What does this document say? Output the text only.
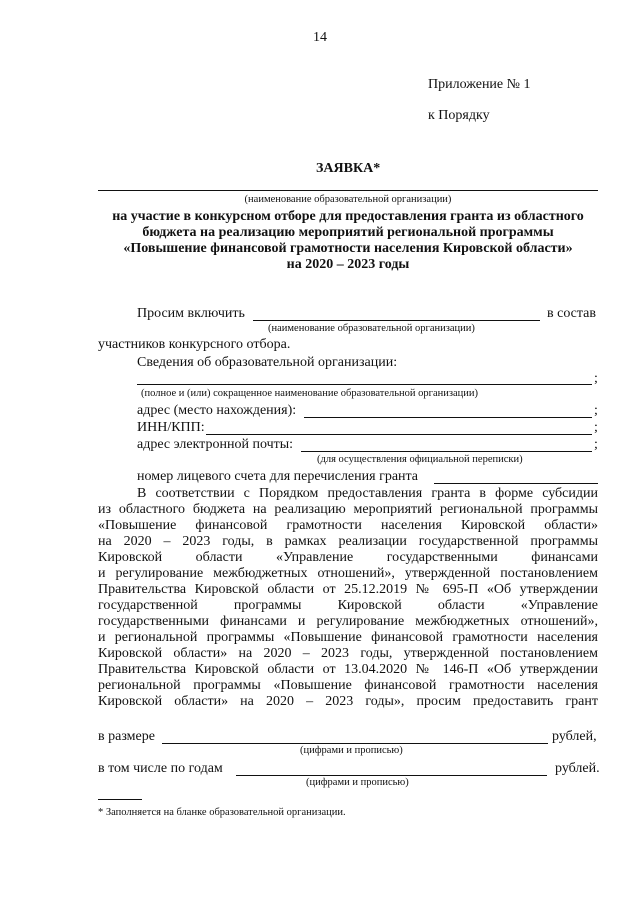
14
Приложение № 1
к Порядку
ЗАЯВКА*
(наименование образовательной организации)
на участие в конкурсном отборе для предоставления гранта из областного
бюджета на реализацию мероприятий региональной программы
«Повышение финансовой грамотности населения Кировской области»
на 2020 – 2023 годы
Просим включить	в состав
(наименование образовательной организации)
участников конкурсного отбора.
Сведения об образовательной организации:
;
(полное и (или) сокращенное наименование образовательной организации)
адрес (место нахождения):	;
ИНН/КПП:	;
адрес электронной почты:	;
(для осуществления официальной переписки)
номер лицевого счета для перечисления гранта
В соответствии с Порядком предоставления гранта в форме субсидии
из областного бюджета на реализацию мероприятий региональной программы
«Повышение финансовой грамотности населения Кировской области»
на 2020 – 2023 годы, в рамках реализации государственной программы
Кировской области «Управление государственными финансами
и регулирование межбюджетных отношений», утвержденной постановлением
Правительства Кировской области от 25.12.2019 № 695-П «Об утверждении
государственной программы Кировской области «Управление
государственными финансами и регулирование межбюджетных отношений»,
и региональной программы «Повышение финансовой грамотности населения
Кировской области» на 2020 – 2023 годы, утвержденной постановлением
Правительства Кировской области от 13.04.2020 № 146-П «Об утверждении
региональной программы «Повышение финансовой грамотности населения
Кировской области» на 2020 – 2023 годы», просим предоставить грант
в размере	рублей,
(цифрами и прописью)
в том числе по годам	рублей.
(цифрами и прописью)
* Заполняется на бланке образовательной организации.
